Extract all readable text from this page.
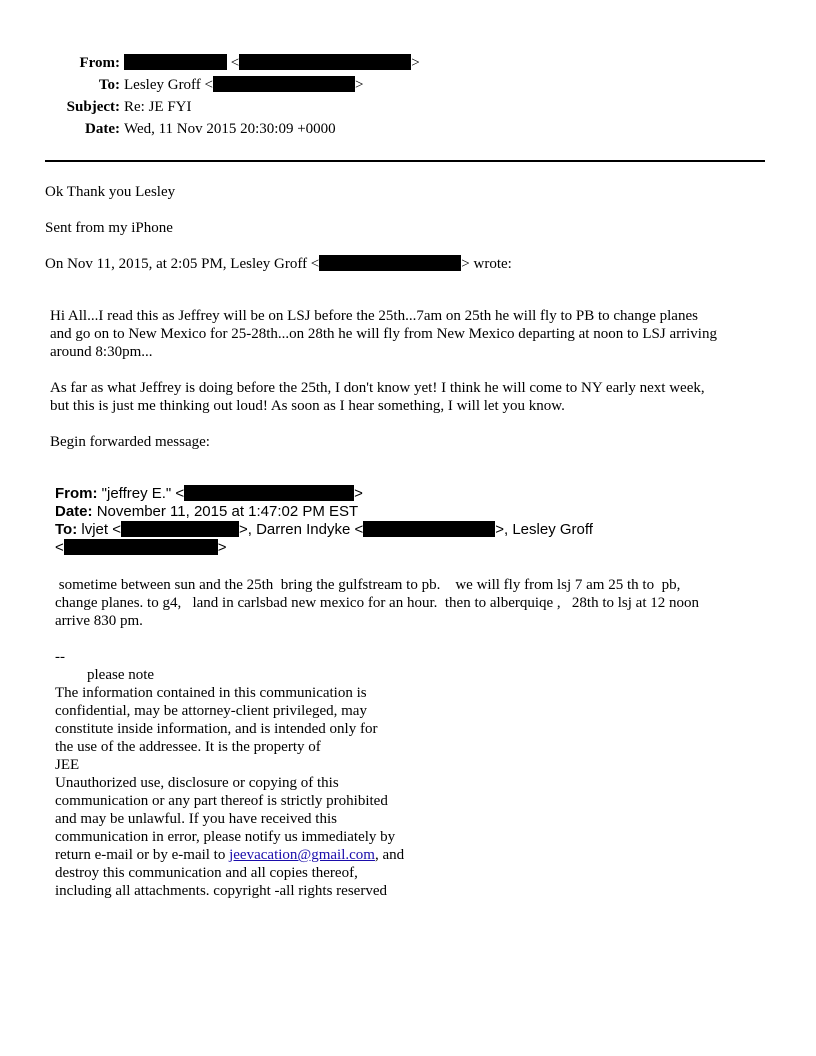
From:	<	>
To: Lesley Groff <	>
Subject: Re: JE FYI
Date: Wed, 11 Nov 2015 20:30:09 +0000
Ok Thank you Lesley
Sent from my iPhone
On Nov 11, 2015, at 2:05 PM, Lesley Groff <	> wrote:
Hi All...I read this as Jeffrey will be on LSJ before the 25th...7am on 25th he will fly to PB to change planes
and go on to New Mexico for 25-28th...on 28th he will fly from New Mexico departing at noon to LSJ arriving
around 8:30pm...
As far as what Jeffrey is doing before the 25th, I don't know yet! I think he will come to NY early next week,
but this is just me thinking out loud! As soon as I hear something, I will let you know.
Begin forwarded message:
From: "jeffrey E." <	>
Date: November 11, 2015 at 1:47:02 PM EST
To: lvjet <	>, Darren Indyke <	>, Lesley Groff
<	>
sometime between sun and the 25th  bring the gulfstream to pb.    we will fly from lsj 7 am 25 th to  pb,
change planes. to g4,   land in carlsbad new mexico for an hour.  then to alberquiqe ,   28th to lsj at 12 noon
arrive 830 pm.
--
please note
The information contained in this communication is
confidential, may be attorney-client privileged, may
constitute inside information, and is intended only for
the use of the addressee. It is the property of
JEE
Unauthorized use, disclosure or copying of this
communication or any part thereof is strictly prohibited
and may be unlawful. If you have received this
communication in error, please notify us immediately by
return e-mail or by e-mail to jeevacation@gmail.com, and
destroy this communication and all copies thereof,
including all attachments. copyright -all rights reserved
